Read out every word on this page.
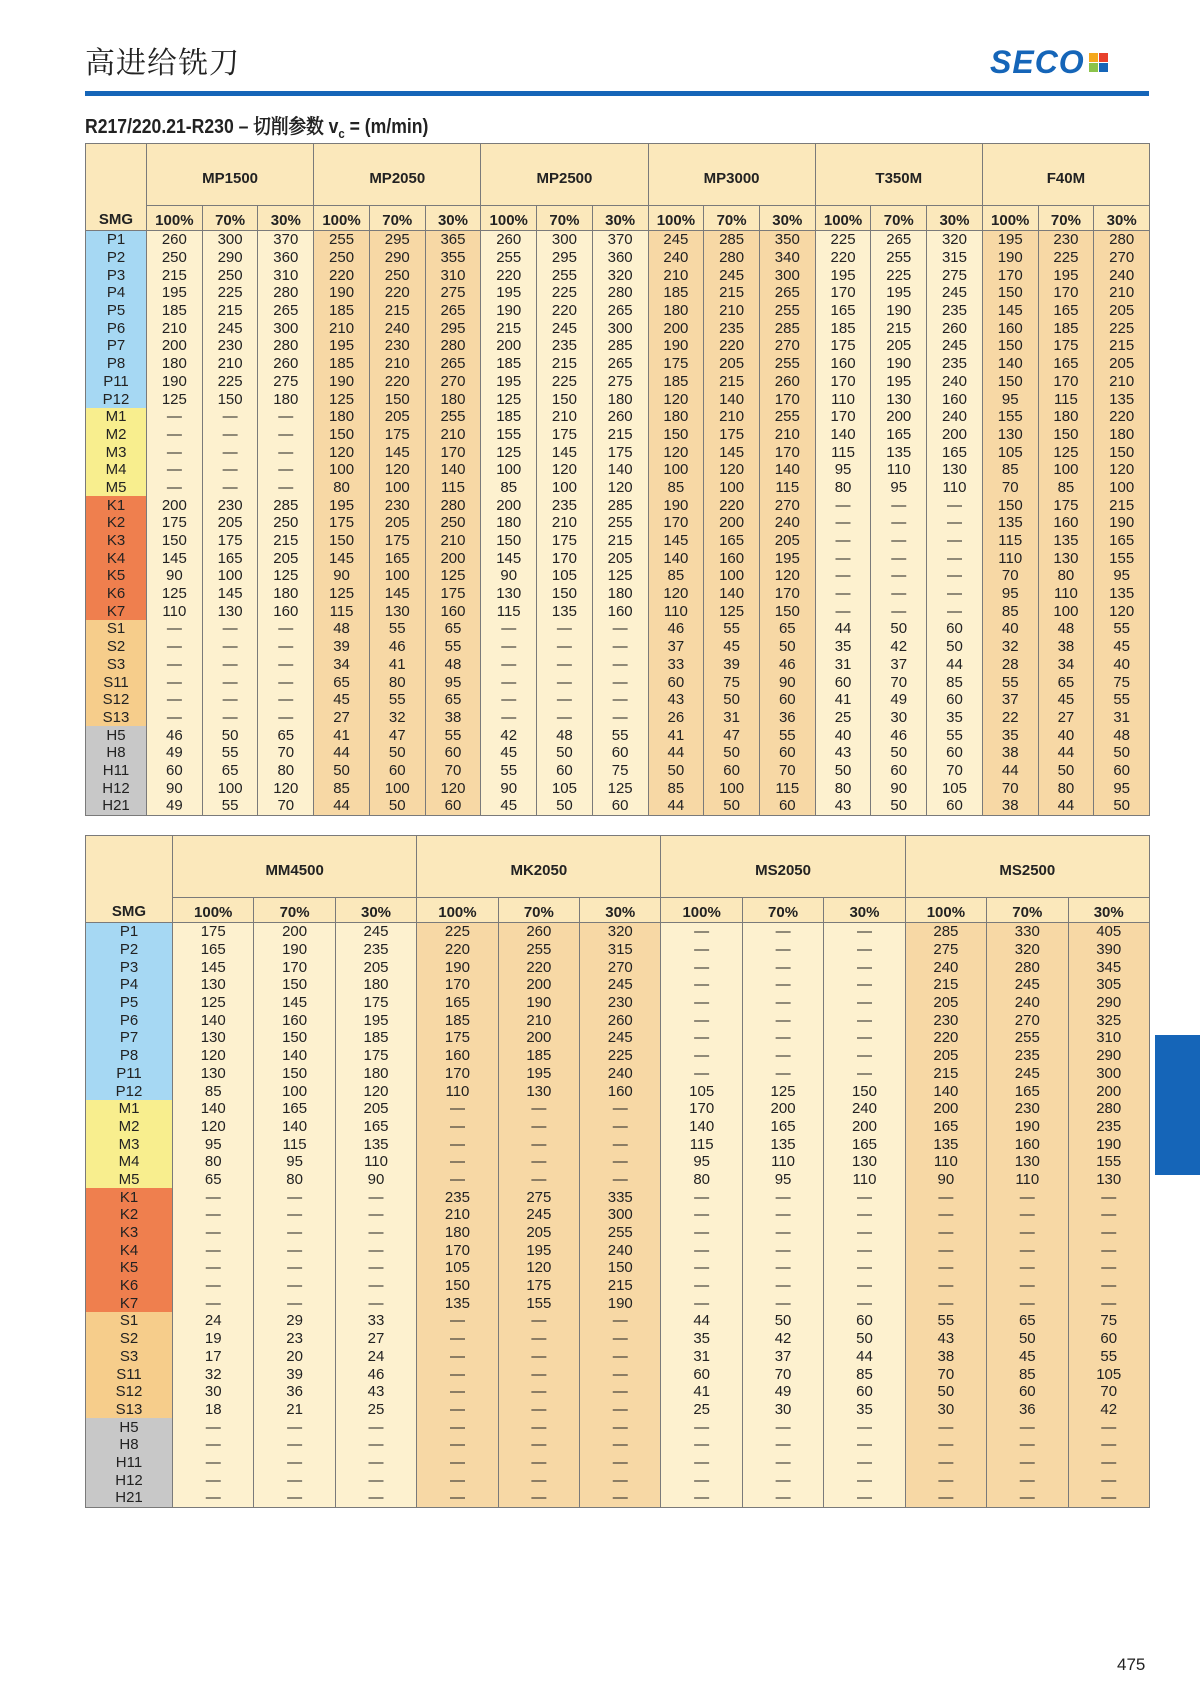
高进给铣刀	SECO
R217/220.21-R230 – 切削参数 $v_c = (m/\min)$
SMG	MP1500			MP2050			MP2500			MP3000			T350M			F40M		
	100%	70%	30%	100%	70%	30%	100%	70%	30%	100%	70%	30%	100%	70%	30%	100%	70%	30%
P1	260	300	370	255	295	365	260	300	370	245	285	350	225	265	320	195	230	280
P2	250	290	360	250	290	355	255	295	360	240	280	340	220	255	315	190	225	270
P3	215	250	310	220	250	310	220	255	320	210	245	300	195	225	275	170	195	240
P4	195	225	280	190	220	275	195	225	280	185	215	265	170	195	245	150	170	210
P5	185	215	265	185	215	265	190	220	265	180	210	255	165	190	235	145	165	205
P6	210	245	300	210	240	295	215	245	300	200	235	285	185	215	260	160	185	225
P7	200	230	280	195	230	280	200	235	285	190	220	270	175	205	245	150	175	215
P8	180	210	260	185	210	265	185	215	265	175	205	255	160	190	235	140	165	205
P11	190	225	275	190	220	270	195	225	275	185	215	260	170	195	240	150	170	210
P12	125	150	180	125	150	180	125	150	180	120	140	170	110	130	160	95	115	135
M1	—	—	—	180	205	255	185	210	260	180	210	255	170	200	240	155	180	220
M2	—	—	—	150	175	210	155	175	215	150	175	210	140	165	200	130	150	180
M3	—	—	—	120	145	170	125	145	175	120	145	170	115	135	165	105	125	150
M4	—	—	—	100	120	140	100	120	140	100	120	140	95	110	130	85	100	120
M5	—	—	—	80	100	115	85	100	120	85	100	115	80	95	110	70	85	100
K1	200	230	285	195	230	280	200	235	285	190	220	270	—	—	—	150	175	215
K2	175	205	250	175	205	250	180	210	255	170	200	240	—	—	—	135	160	190
K3	150	175	215	150	175	210	150	175	215	145	165	205	—	—	—	115	135	165
K4	145	165	205	145	165	200	145	170	205	140	160	195	—	—	—	110	130	155
K5	90	100	125	90	100	125	90	105	125	85	100	120	—	—	—	70	80	95
K6	125	145	180	125	145	175	130	150	180	120	140	170	—	—	—	95	110	135
K7	110	130	160	115	130	160	115	135	160	110	125	150	—	—	—	85	100	120
S1	—	—	—	48	55	65	—	—	—	46	55	65	44	50	60	40	48	55
S2	—	—	—	39	46	55	—	—	—	37	45	50	35	42	50	32	38	45
S3	—	—	—	34	41	48	—	—	—	33	39	46	31	37	44	28	34	40
S11	—	—	—	65	80	95	—	—	—	60	75	90	60	70	85	55	65	75
S12	—	—	—	45	55	65	—	—	—	43	50	60	41	49	60	37	45	55
S13	—	—	—	27	32	38	—	—	—	26	31	36	25	30	35	22	27	31
H5	46	50	65	41	47	55	42	48	55	41	47	55	40	46	55	35	40	48
H8	49	55	70	44	50	60	45	50	60	44	50	60	43	50	60	38	44	50
H11	60	65	80	50	60	70	55	60	75	50	60	70	50	60	70	44	50	60
H12	90	100	120	85	100	120	90	105	125	85	100	115	80	90	105	70	80	95
H21	49	55	70	44	50	60	45	50	60	44	50	60	43	50	60	38	44	50
SMG	MM4500			MK2050			MS2050			MS2500		
	100%	70%	30%	100%	70%	30%	100%	70%	30%	100%	70%	30%
P1	175	200	245	225	260	320	—	—	—	285	330	405
P2	165	190	235	220	255	315	—	—	—	275	320	390
P3	145	170	205	190	220	270	—	—	—	240	280	345
P4	130	150	180	170	200	245	—	—	—	215	245	305
P5	125	145	175	165	190	230	—	—	—	205	240	290
P6	140	160	195	185	210	260	—	—	—	230	270	325
P7	130	150	185	175	200	245	—	—	—	220	255	310
P8	120	140	175	160	185	225	—	—	—	205	235	290
P11	130	150	180	170	195	240	—	—	—	215	245	300
P12	85	100	120	110	130	160	105	125	150	140	165	200
M1	140	165	205	—	—	—	170	200	240	200	230	280
M2	120	140	165	—	—	—	140	165	200	165	190	235
M3	95	115	135	—	—	—	115	135	165	135	160	190
M4	80	95	110	—	—	—	95	110	130	110	130	155
M5	65	80	90	—	—	—	80	95	110	90	110	130
K1	—	—	—	235	275	335	—	—	—	—	—	—
K2	—	—	—	210	245	300	—	—	—	—	—	—
K3	—	—	—	180	205	255	—	—	—	—	—	—
K4	—	—	—	170	195	240	—	—	—	—	—	—
K5	—	—	—	105	120	150	—	—	—	—	—	—
K6	—	—	—	150	175	215	—	—	—	—	—	—
K7	—	—	—	135	155	190	—	—	—	—	—	—
S1	24	29	33	—	—	—	44	50	60	55	65	75
S2	19	23	27	—	—	—	35	42	50	43	50	60
S3	17	20	24	—	—	—	31	37	44	38	45	55
S11	32	39	46	—	—	—	60	70	85	70	85	105
S12	30	36	43	—	—	—	41	49	60	50	60	70
S13	18	21	25	—	—	—	25	30	35	30	36	42
H5	—	—	—	—	—	—	—	—	—	—	—	—
H8	—	—	—	—	—	—	—	—	—	—	—	—
H11	—	—	—	—	—	—	—	—	—	—	—	—
H12	—	—	—	—	—	—	—	—	—	—	—	—
H21	—	—	—	—	—	—	—	—	—	—	—	—
475
